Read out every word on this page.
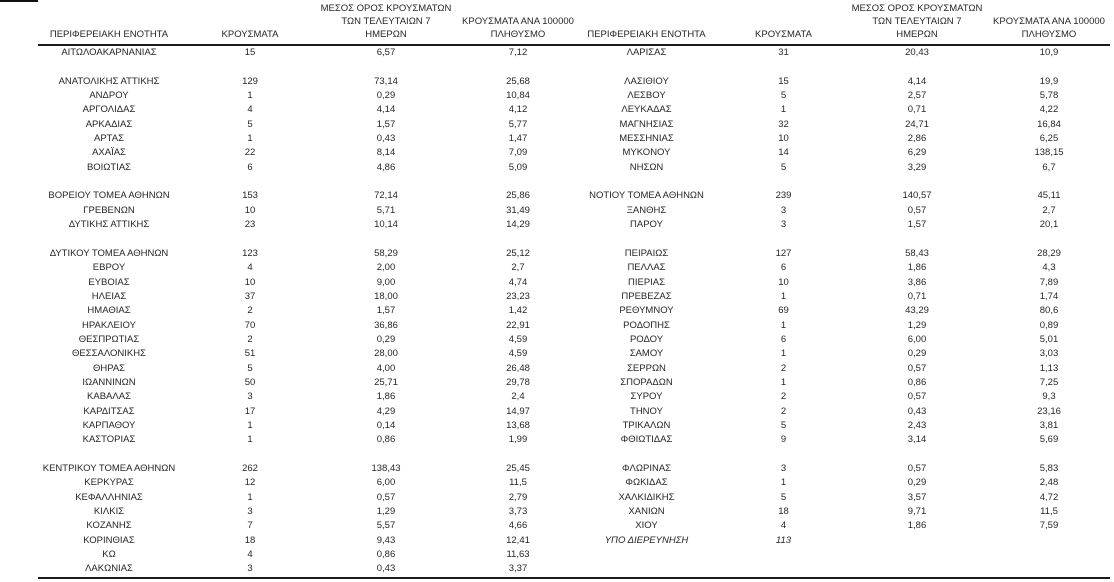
ΠΕΡΙΦΕΡΕΙΑΚΗ ΕΝΟΤΗΤΑ	ΚΡΟΥΣΜΑΤΑ
ΜΕΣΟΣ ΟΡΟΣ ΚΡΟΥΣΜΑΤΩΝ
ΤΩΝ ΤΕΛΕΥΤΑΙΩΝ 7
ΗΜΕΡΩΝ
ΚΡΟΥΣΜΑΤΑ ΑΝΑ 100000
ΠΛΗΘΥΣΜΟ	ΠΕΡΙΦΕΡΕΙΑΚΗ ΕΝΟΤΗΤΑ	ΚΡΟΥΣΜΑΤΑ
ΜΕΣΟΣ ΟΡΟΣ ΚΡΟΥΣΜΑΤΩΝ
ΤΩΝ ΤΕΛΕΥΤΑΙΩΝ 7
ΗΜΕΡΩΝ
ΚΡΟΥΣΜΑΤΑ ΑΝΑ 100000
ΠΛΗΘΥΣΜΟ
ΑΙΤΩΛΟΑΚΑΡΝΑΝΙΑΣ	15	6,57	7,12
ΑΝΑΤΟΛΙΚΗΣ ΑΤΤΙΚΗΣ	129	73,14	25,68
ΑΝΔΡΟΥ	1	0,29	10,84
ΑΡΓΟΛΙΔΑΣ	4	4,14	4,12
ΑΡΚΑΔΙΑΣ	5	1,57	5,77
ΑΡΤΑΣ	1	0,43	1,47
ΑΧΑΪΑΣ	22	8,14	7,09
ΒΟΙΩΤΙΑΣ	6	4,86	5,09
ΒΟΡΕΙΟΥ ΤΟΜΕΑ ΑΘΗΝΩΝ	153	72,14	25,86
ΓΡΕΒΕΝΩΝ	10	5,71	31,49
ΔΥΤΙΚΗΣ ΑΤΤΙΚΗΣ	23	10,14	14,29
ΔΥΤΙΚΟΥ ΤΟΜΕΑ ΑΘΗΝΩΝ	123	58,29	25,12
ΕΒΡΟΥ	4	2,00	2,7
ΕΥΒΟΙΑΣ	10	9,00	4,74
ΗΛΕΙΑΣ	37	18,00	23,23
ΗΜΑΘΙΑΣ	2	1,57	1,42
ΗΡΑΚΛΕΙΟΥ	70	36,86	22,91
ΘΕΣΠΡΩΤΙΑΣ	2	0,29	4,59
ΘΕΣΣΑΛΟΝΙΚΗΣ	51	28,00	4,59
ΘΗΡΑΣ	5	4,00	26,48
ΙΩΑΝΝΙΝΩΝ	50	25,71	29,78
ΚΑΒΑΛΑΣ	3	1,86	2,4
ΚΑΡΔΙΤΣΑΣ	17	4,29	14,97
ΚΑΡΠΑΘΟΥ	1	0,14	13,68
ΚΑΣΤΟΡΙΑΣ	1	0,86	1,99
ΚΕΝΤΡΙΚΟΥ ΤΟΜΕΑ ΑΘΗΝΩΝ	262	138,43	25,45
ΚΕΡΚΥΡΑΣ	12	6,00	11,5
ΚΕΦΑΛΛΗΝΙΑΣ	1	0,57	2,79
ΚΙΛΚΙΣ	3	1,29	3,73
ΚΟΖΑΝΗΣ	7	5,57	4,66
ΚΟΡΙΝΘΙΑΣ	18	9,43	12,41
ΚΩ	4	0,86	11,63
ΛΑΚΩΝΙΑΣ	3	0,43	3,37
ΛΑΡΙΣΑΣ	31	20,43	10,9
ΛΑΣΙΘΙΟΥ	15	4,14	19,9
ΛΕΣΒΟΥ	5	2,57	5,78
ΛΕΥΚΑΔΑΣ	1	0,71	4,22
ΜΑΓΝΗΣΙΑΣ	32	24,71	16,84
ΜΕΣΣΗΝΙΑΣ	10	2,86	6,25
ΜΥΚΟΝΟΥ	14	6,29	138,15
ΝΗΣΩΝ	5	3,29	6,7
ΝΟΤΙΟΥ ΤΟΜΕΑ ΑΘΗΝΩΝ	239	140,57	45,11
ΞΑΝΘΗΣ	3	0,57	2,7
ΠΑΡΟΥ	3	1,57	20,1
ΠΕΙΡΑΙΩΣ	127	58,43	28,29
ΠΕΛΛΑΣ	6	1,86	4,3
ΠΙΕΡΙΑΣ	10	3,86	7,89
ΠΡΕΒΕΖΑΣ	1	0,71	1,74
ΡΕΘΥΜΝΟΥ	69	43,29	80,6
ΡΟΔΟΠΗΣ	1	1,29	0,89
ΡΟΔΟΥ	6	6,00	5,01
ΣΑΜΟΥ	1	0,29	3,03
ΣΕΡΡΩΝ	2	0,57	1,13
ΣΠΟΡΑΔΩΝ	1	0,86	7,25
ΣΥΡΟΥ	2	0,57	9,3
ΤΗΝΟΥ	2	0,43	23,16
ΤΡΙΚΑΛΩΝ	5	2,43	3,81
ΦΘΙΩΤΙΔΑΣ	9	3,14	5,69
ΦΛΩΡΙΝΑΣ	3	0,57	5,83
ΦΩΚΙΔΑΣ	1	0,29	2,48
ΧΑΛΚΙΔΙΚΗΣ	5	3,57	4,72
ΧΑΝΙΩΝ	18	9,71	11,5
ΧΙΟΥ	4	1,86	7,59
ΥΠΟ ΔΙΕΡΕΥΝΗΣΗ	113
